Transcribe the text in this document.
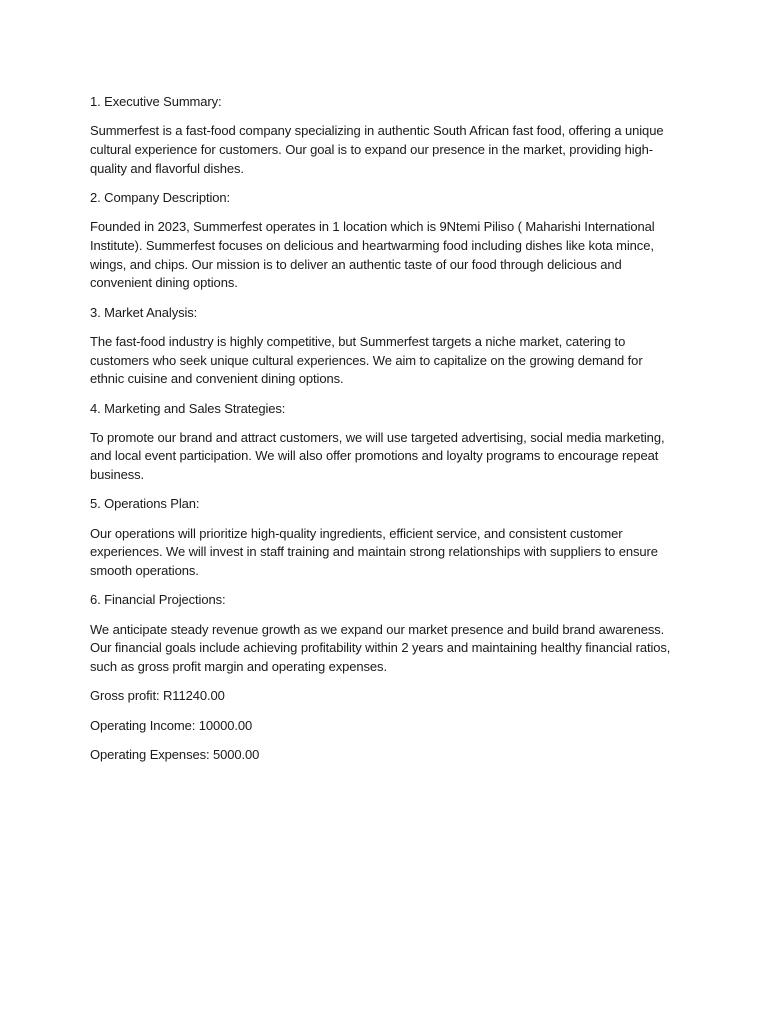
1. Executive Summary:

Summerfest is a fast-food company specializing in authentic South African fast food, offering a unique cultural experience for customers. Our goal is to expand our presence in the market, providing high-quality and flavorful dishes.

2. Company Description:

Founded in 2023, Summerfest operates in 1 location which is 9Ntemi Piliso ( Maharishi International Institute). Summerfest focuses on delicious and heartwarming food including dishes like kota mince, wings, and chips. Our mission is to deliver an authentic taste of our food through delicious and convenient dining options.

3. Market Analysis:

The fast-food industry is highly competitive, but Summerfest targets a niche market, catering to customers who seek unique cultural experiences. We aim to capitalize on the growing demand for ethnic cuisine and convenient dining options.

4. Marketing and Sales Strategies:

To promote our brand and attract customers, we will use targeted advertising, social media marketing, and local event participation. We will also offer promotions and loyalty programs to encourage repeat business.

5. Operations Plan:

Our operations will prioritize high-quality ingredients, efficient service, and consistent customer experiences. We will invest in staff training and maintain strong relationships with suppliers to ensure smooth operations.

6. Financial Projections:

We anticipate steady revenue growth as we expand our market presence and build brand awareness. Our financial goals include achieving profitability within 2 years and maintaining healthy financial ratios, such as gross profit margin and operating expenses.

Gross profit: R11240.00

Operating Income: 10000.00

Operating Expenses: 5000.00
